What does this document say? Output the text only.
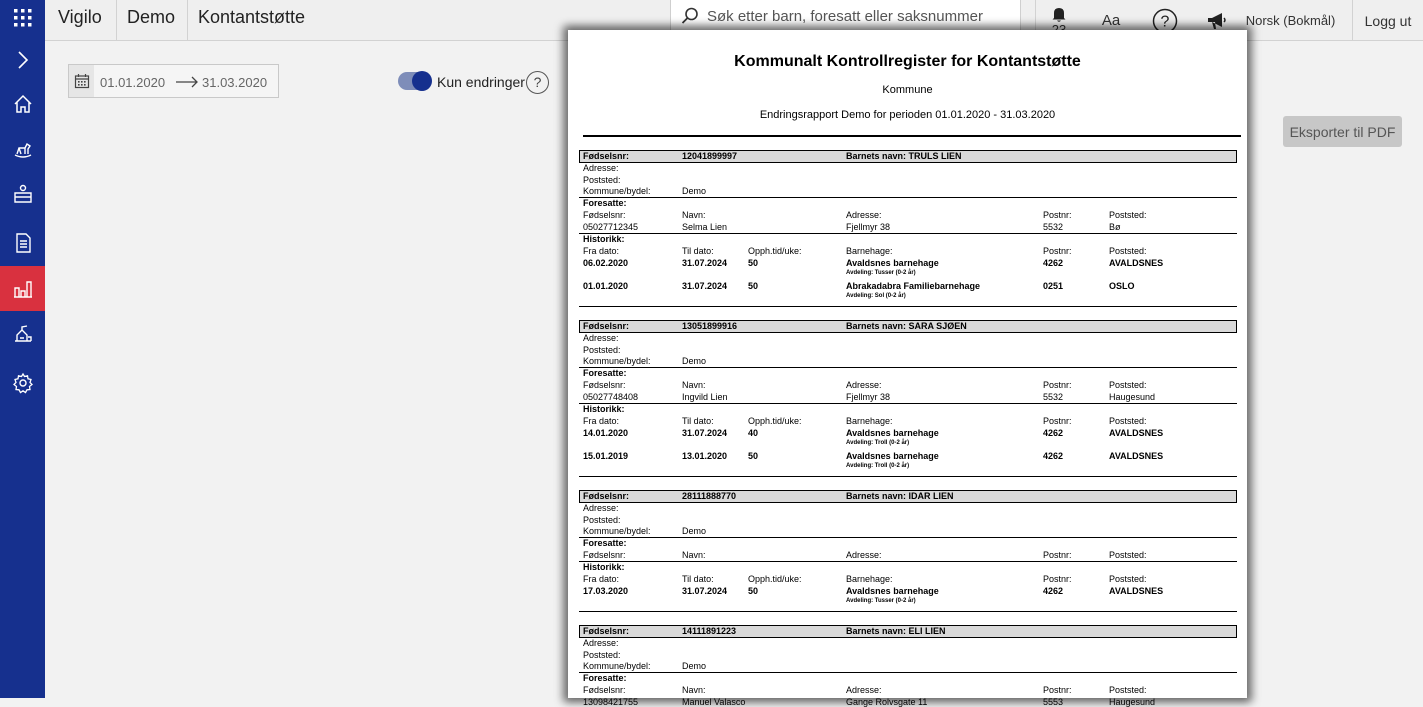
Vigilo	Demo	Kontantstøtte
Søk etter barn, foresatt eller saksnummer	Aa ?	Norsk (Bokmål) Logg ut
01.01.2020	31.03.2020	Kun endringer ?
Eksporter til PDF
Kommunalt Kontrollregister for Kontantstøtte
Kommune
Endringsrapport Demo for perioden 01.01.2020 - 31.03.2020
Fødselsnr:	12041899997	Barnets navn: TRULS LIEN
Adresse:
Poststed:
Kommune/bydel:	Demo
Foresatte:
Fødselsnr:	Navn:	Adresse:	Postnr:	Poststed:
05027712345	Selma Lien	Fjellmyr 38	5532	Bø
Historikk:
Fra dato:	Til dato:	Opph.tid/uke:	Barnehage:	Postnr:	Poststed:
06.02.2020	31.07.2024 50	Avaldsnes barnehage	4262	AVALDSNES
Avdeling: Tusser (0-2 år)
01.01.2020	31.07.2024 50	Abrakadabra Familiebarnehage	0251	OSLO
Avdeling: Sol (0-2 år)
Fødselsnr:	13051899916	Barnets navn: SARA SJØEN
Adresse:
Poststed:
Kommune/bydel:	Demo
Foresatte:
Fødselsnr:	Navn:	Adresse:	Postnr:	Poststed:
05027748408	Ingvild Lien	Fjellmyr 38	5532	Haugesund
Historikk:
Fra dato:	Til dato:	Opph.tid/uke:	Barnehage:	Postnr:	Poststed:
14.01.2020	31.07.2024 40	Avaldsnes barnehage	4262	AVALDSNES
Avdeling: Troll (0-2 år)
15.01.2019	13.01.2020 50	Avaldsnes barnehage	4262	AVALDSNES
Avdeling: Troll (0-2 år)
Fødselsnr:	28111888770	Barnets navn: IDAR LIEN
Adresse:
Poststed:
Kommune/bydel:	Demo
Foresatte:
Fødselsnr:	Navn:	Adresse:	Postnr:	Poststed:
Historikk:
Fra dato:	Til dato:	Opph.tid/uke:	Barnehage:	Postnr:	Poststed:
17.03.2020	31.07.2024 50	Avaldsnes barnehage	4262	AVALDSNES
Avdeling: Tusser (0-2 år)
Fødselsnr:	14111891223	Barnets navn: ELI LIEN
Adresse:
Poststed:
Kommune/bydel:	Demo
Foresatte:
Fødselsnr:	Navn:	Adresse:	Postnr:	Poststed:
13098421755	Manuel Valasco	Gange Rolvsgate 11	5553	Haugesund
